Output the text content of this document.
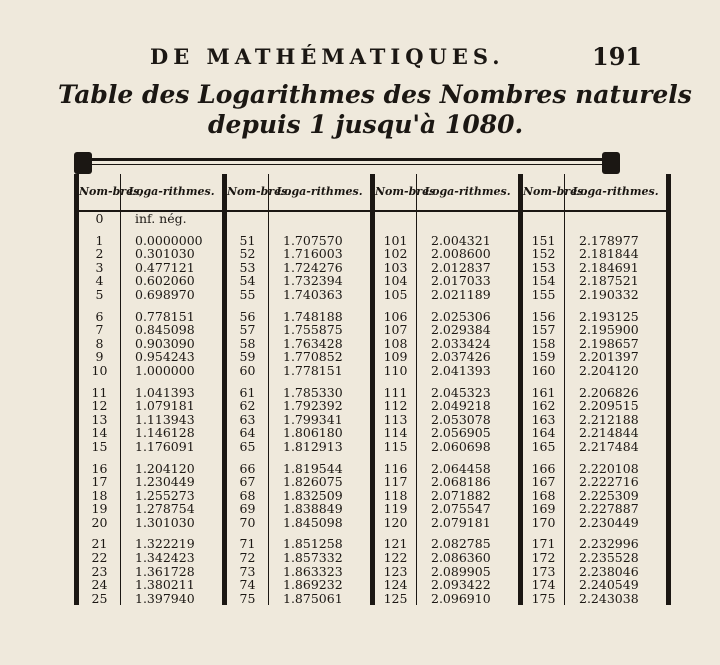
DE MATHÉMATIQUES.	191
Table des Logarithmes des Nombres naturels
depuis 1 jusqu'à 1080.
Nom-bres,	Loga-rithmes.	Nom-bres.	Loga-rithmes.	Nom-bres	Loga-rithmes.	Nom-bres.	Loga-rithmes.
0	inf. nég.						

1	0.0000000	51	1.707570	101	2.004321	151	2.178977
2	0.301030	52	1.716003	102	2.008600	152	2.181844
3	0.477121	53	1.724276	103	2.012837	153	2.184691
4	0.602060	54	1.732394	104	2.017033	154	2.187521
5	0.698970	55	1.740363	105	2.021189	155	2.190332

6	0.778151	56	1.748188	106	2.025306	156	2.193125
7	0.845098	57	1.755875	107	2.029384	157	2.195900
8	0.903090	58	1.763428	108	2.033424	158	2.198657
9	0.954243	59	1.770852	109	2.037426	159	2.201397
10	1.000000	60	1.778151	110	2.041393	160	2.204120

11	1.041393	61	1.785330	111	2.045323	161	2.206826
12	1.079181	62	1.792392	112	2.049218	162	2.209515
13	1.113943	63	1.799341	113	2.053078	163	2.212188
14	1.146128	64	1.806180	114	2.056905	164	2.214844
15	1.176091	65	1.812913	115	2.060698	165	2.217484

16	1.204120	66	1.819544	116	2.064458	166	2.220108
17	1.230449	67	1.826075	117	2.068186	167	2.222716
18	1.255273	68	1.832509	118	2.071882	168	2.225309
19	1.278754	69	1.838849	119	2.075547	169	2.227887
20	1.301030	70	1.845098	120	2.079181	170	2.230449

21	1.322219	71	1.851258	121	2.082785	171	2.232996
22	1.342423	72	1.857332	122	2.086360	172	2.235528
23	1.361728	73	1.863323	123	2.089905	173	2.238046
24	1.380211	74	1.869232	124	2.093422	174	2.240549
25	1.397940	75	1.875061	125	2.096910	175	2.243038
